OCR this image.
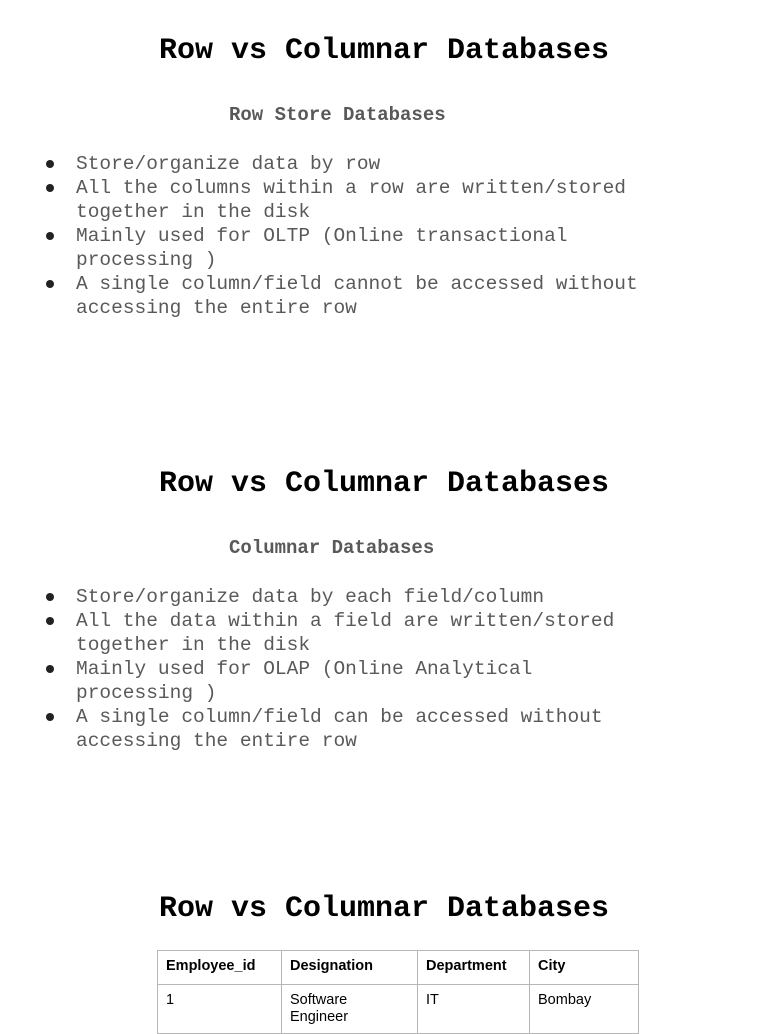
Row vs Columnar Databases
Row Store Databases
Store/organize data by row
All the columns within a row are written/stored together in the disk
Mainly used for OLTP (Online transactional processing )
A single column/field cannot be accessed without accessing the entire row
Row vs Columnar Databases
Columnar Databases
Store/organize data by each field/column
All the data within a field are written/stored together in the disk
Mainly used for OLAP (Online Analytical processing )
A single column/field can be accessed without accessing the entire row
Row vs Columnar Databases
Employee_id	Designation	Department	City
1	Software Engineer	IT	Bombay
